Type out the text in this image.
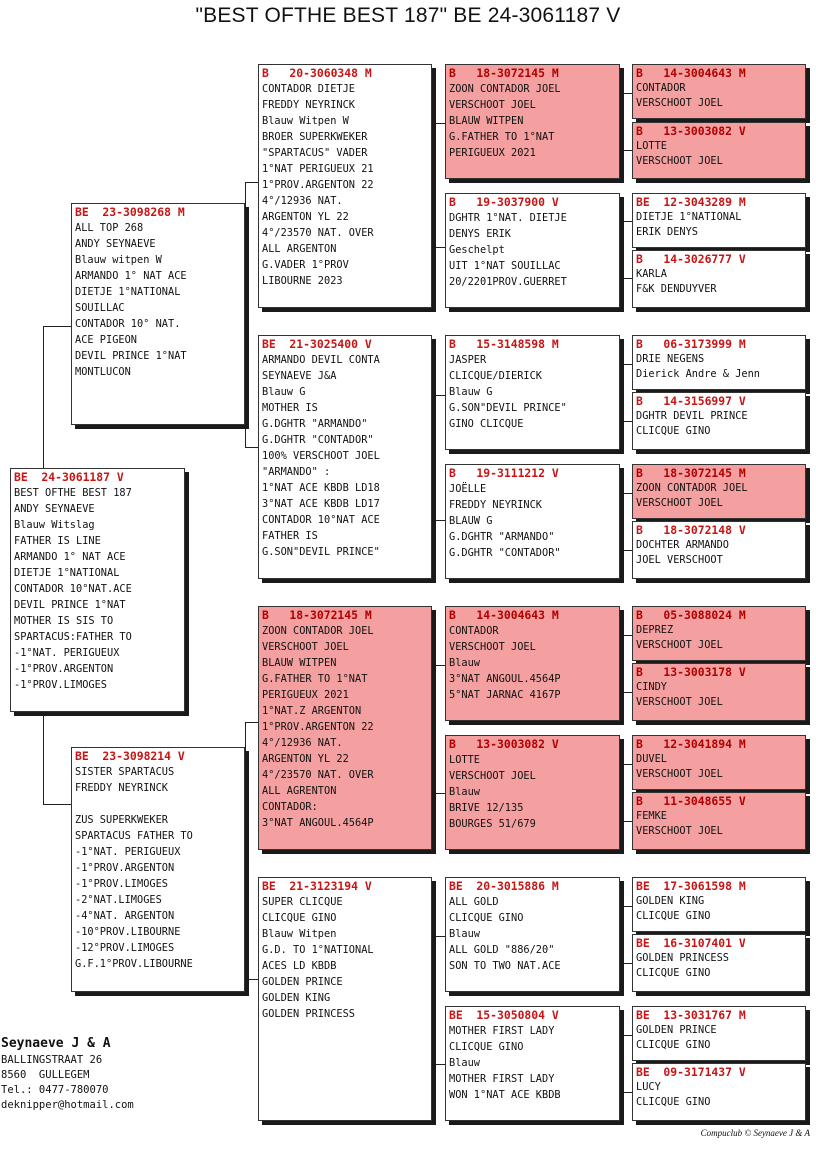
"BEST OFTHE BEST 187" BE 24-3061187 V
BE  24-3061187 V
BEST OFTHE BEST 187
ANDY SEYNAEVE
Blauw Witslag
FATHER IS LINE
ARMANDO 1° NAT ACE
DIETJE 1°NATIONAL
CONTADOR 10°NAT.ACE
DEVIL PRINCE 1°NAT
MOTHER IS SIS TO
SPARTACUS:FATHER TO
-1°NAT. PERIGUEUX
-1°PROV.ARGENTON
-1°PROV.LIMOGES
BE  23-3098268 M
ALL TOP 268
ANDY SEYNAEVE
Blauw witpen W
ARMANDO 1° NAT ACE
DIETJE 1°NATIONAL
SOUILLAC
CONTADOR 10° NAT.
ACE PIGEON
DEVIL PRINCE 1°NAT
MONTLUCON
BE  23-3098214 V
SISTER SPARTACUS
FREDDY NEYRINCK

ZUS SUPERKWEKER
SPARTACUS FATHER TO
-1°NAT. PERIGUEUX
-1°PROV.ARGENTON
-1°PROV.LIMOGES
-2°NAT.LIMOGES
-4°NAT. ARGENTON
-10°PROV.LIBOURNE
-12°PROV.LIMOGES
G.F.1°PROV.LIBOURNE
B   20-3060348 M
CONTADOR DIETJE
FREDDY NEYRINCK
Blauw Witpen W
BROER SUPERKWEKER
"SPARTACUS" VADER
1°NAT PERIGUEUX 21
1°PROV.ARGENTON 22
4°/12936 NAT.
ARGENTON YL 22
4°/23570 NAT. OVER
ALL ARGENTON
G.VADER 1°PROV
LIBOURNE 2023
BE  21-3025400 V
ARMANDO DEVIL CONTA
SEYNAEVE J&A
Blauw G
MOTHER IS
G.DGHTR "ARMANDO"
G.DGHTR "CONTADOR"
100% VERSCHOOT JOEL
"ARMANDO" :
1°NAT ACE KBDB LD18
3°NAT ACE KBDB LD17
CONTADOR 10°NAT ACE
FATHER IS
G.SON"DEVIL PRINCE"
B   18-3072145 M
ZOON CONTADOR JOEL
VERSCHOOT JOEL
BLAUW WITPEN
G.FATHER TO 1°NAT
PERIGUEUX 2021
1°NAT.Z ARGENTON
1°PROV.ARGENTON 22
4°/12936 NAT.
ARGENTON YL 22
4°/23570 NAT. OVER
ALL AGRENTON
CONTADOR:
3°NAT ANGOUL.4564P
BE  21-3123194 V
SUPER CLICQUE
CLICQUE GINO
Blauw Witpen
G.D. TO 1°NATIONAL
ACES LD KBDB
GOLDEN PRINCE
GOLDEN KING
GOLDEN PRINCESS
B   18-3072145 M
ZOON CONTADOR JOEL
VERSCHOOT JOEL
BLAUW WITPEN
G.FATHER TO 1°NAT
PERIGUEUX 2021
B   19-3037900 V
DGHTR 1°NAT. DIETJE
DENYS ERIK
Geschelpt
UIT 1°NAT SOUILLAC
20/2201PROV.GUERRET
B   15-3148598 M
JASPER
CLICQUE/DIERICK
Blauw G
G.SON"DEVIL PRINCE"
GINO CLICQUE
B   19-3111212 V
JOËLLE
FREDDY NEYRINCK
BLAUW G
G.DGHTR "ARMANDO"
G.DGHTR "CONTADOR"
B   14-3004643 M
CONTADOR
VERSCHOOT JOEL
Blauw
3°NAT ANGOUL.4564P
5°NAT JARNAC 4167P
B   13-3003082 V
LOTTE
VERSCHOOT JOEL
Blauw
BRIVE 12/135
BOURGES 51/679
BE  20-3015886 M
ALL GOLD
CLICQUE GINO
Blauw
ALL GOLD "886/20"
SON TO TWO NAT.ACE
BE  15-3050804 V
MOTHER FIRST LADY
CLICQUE GINO
Blauw
MOTHER FIRST LADY
WON 1°NAT ACE KBDB
B   14-3004643 M
CONTADOR
VERSCHOOT JOEL
B   13-3003082 V
LOTTE
VERSCHOOT JOEL
BE  12-3043289 M
DIETJE 1°NATIONAL
ERIK DENYS
B   14-3026777 V
KARLA
F&K DENDUYVER
B   06-3173999 M
DRIE NEGENS
Dierick Andre & Jenn
B   14-3156997 V
DGHTR DEVIL PRINCE
CLICQUE GINO
B   18-3072145 M
ZOON CONTADOR JOEL
VERSCHOOT JOEL
B   18-3072148 V
DOCHTER ARMANDO
JOEL VERSCHOOT
B   05-3088024 M
DEPREZ
VERSCHOOT JOEL
B   13-3003178 V
CINDY
VERSCHOOT JOEL
B   12-3041894 M
DUVEL
VERSCHOOT JOEL
B   11-3048655 V
FEMKE
VERSCHOOT JOEL
BE  17-3061598 M
GOLDEN KING
CLICQUE GINO
BE  16-3107401 V
GOLDEN PRINCESS
CLICQUE GINO
BE  13-3031767 M
GOLDEN PRINCE
CLICQUE GINO
BE  09-3171437 V
LUCY
CLICQUE GINO
Seynaeve J & A
BALLINGSTRAAT 26
8560  GULLEGEM
Tel.: 0477-780070
deknipper@hotmail.com
Compuclub © Seynaeve J & A
